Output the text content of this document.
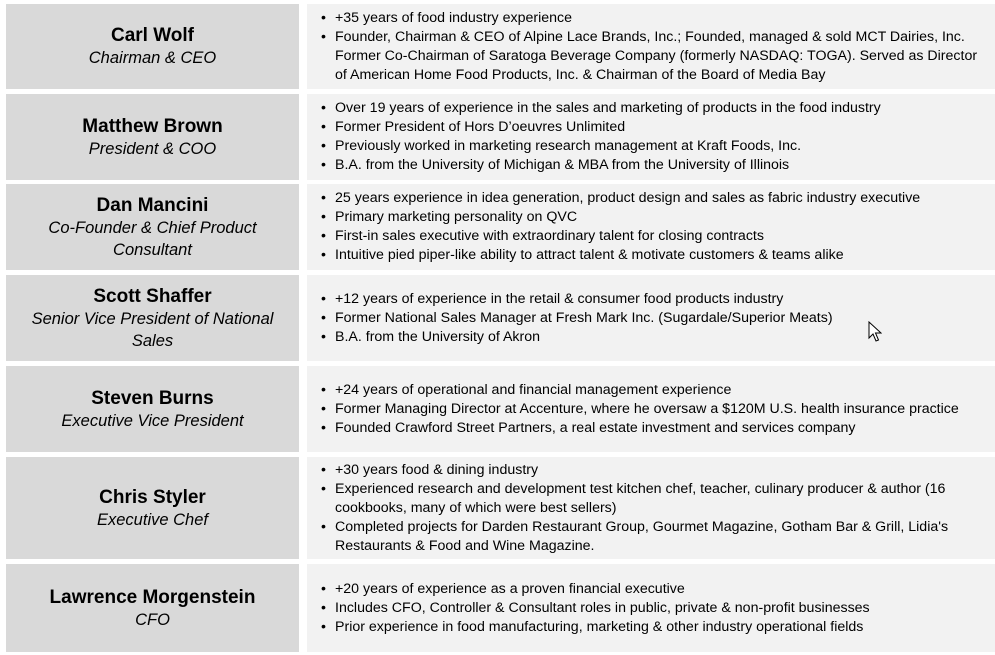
Carl Wolf
Chairman & CEO
• +35 years of food industry experience
• Founder, Chairman & CEO of Alpine Lace Brands, Inc.; Founded, managed & sold MCT Dairies, Inc. Former Co-Chairman of Saratoga Beverage Company (formerly NASDAQ: TOGA). Served as Director of American Home Food Products, Inc. & Chairman of the Board of Media Bay
Matthew Brown
President & COO
• Over 19 years of experience in the sales and marketing of products in the food industry
• Former President of Hors D’oeuvres Unlimited
• Previously worked in marketing research management at Kraft Foods, Inc.
• B.A. from the University of Michigan & MBA from the University of Illinois
Dan Mancini
Co-Founder & Chief Product Consultant
• 25 years experience in idea generation, product design and sales as fabric industry executive
• Primary marketing personality on QVC
• First-in sales executive with extraordinary talent for closing contracts
• Intuitive pied piper-like ability to attract talent & motivate customers & teams alike
Scott Shaffer
Senior Vice President of National Sales
• +12 years of experience in the retail & consumer food products industry
• Former National Sales Manager at Fresh Mark Inc. (Sugardale/Superior Meats)
• B.A. from the University of Akron
Steven Burns
Executive Vice President
• +24 years of operational and financial management experience
• Former Managing Director at Accenture, where he oversaw a $120M U.S. health insurance practice
• Founded Crawford Street Partners, a real estate investment and services company
Chris Styler
Executive Chef
• +30 years food & dining industry
• Experienced research and development test kitchen chef, teacher, culinary producer & author (16 cookbooks, many of which were best sellers)
• Completed projects for Darden Restaurant Group, Gourmet Magazine, Gotham Bar & Grill, Lidia's Restaurants & Food and Wine Magazine.
Lawrence Morgenstein
CFO
• +20 years of experience as a proven financial executive
• Includes CFO, Controller & Consultant roles in public, private & non-profit businesses
• Prior experience in food manufacturing, marketing & other industry operational fields
